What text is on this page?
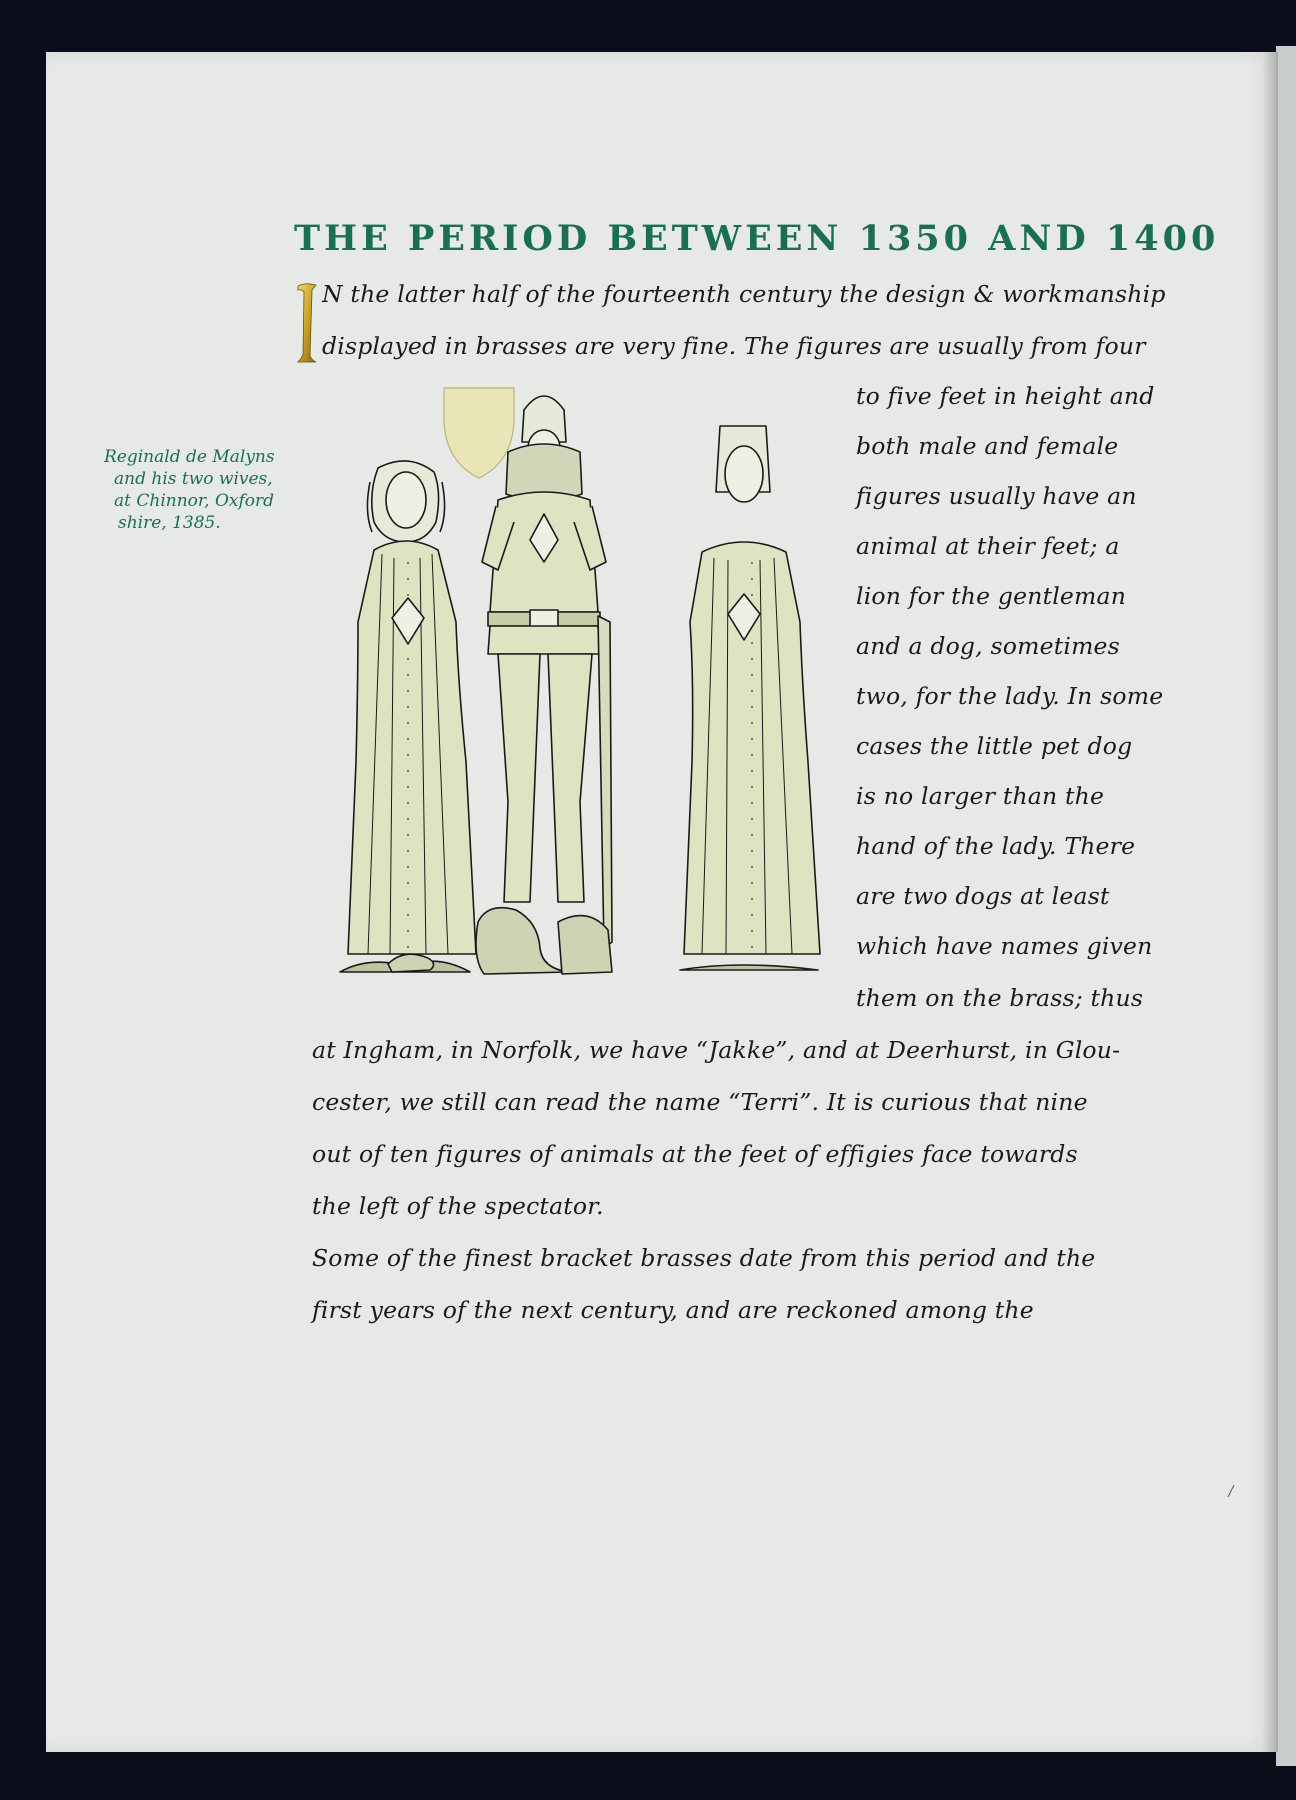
THE PERIOD BETWEEN 1350 AND 1400
N the latter half of the fourteenth century the design & workmanship
displayed in brasses are very fine. The figures are usually from four
to five feet in height and
both male and female
figures usually have an
animal at their feet; a
lion for the gentleman
and a dog, sometimes
two, for the lady. In some
cases the little pet dog
is no larger than the
hand of the lady. There
are two dogs at least
which have names given
them on the brass; thus
at Ingham, in Norfolk, we have “Jakke”, and at Deerhurst, in Glou-
cester, we still can read the name “Terri”. It is curious that nine
out of ten figures of animals at the feet of effigies face towards
the left of the spectator.
Some of the finest bracket brasses date from this period and the
first years of the next century, and are reckoned among the
Reginald de Malyns
and his two wives,
at Chinnor, Oxford
shire, 1385.
